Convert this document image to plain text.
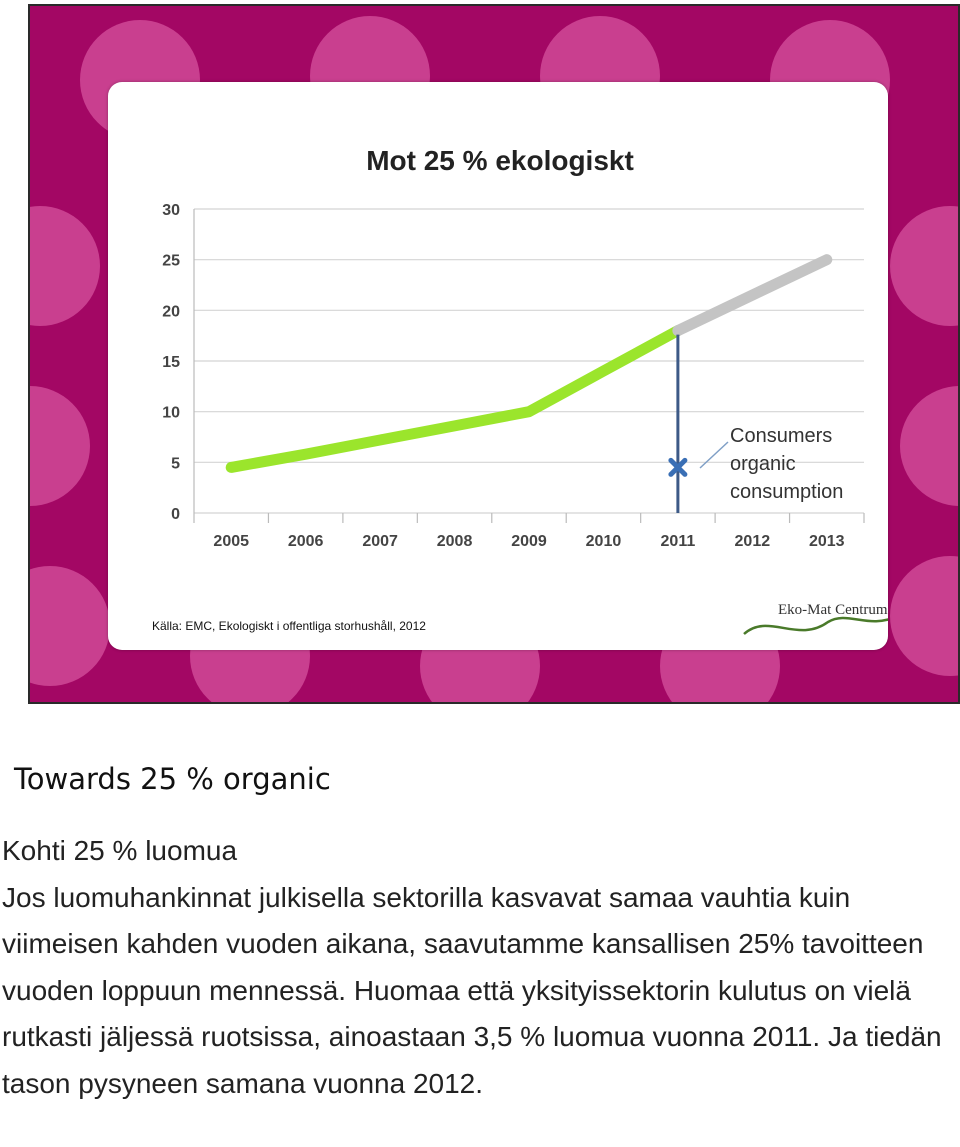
Mot 25 % ekologiskt
0
5
10
15
20
25
30
2005 2006 2007 2008 2009 2010 2011 2012 2013
Consumers organic consumption
Källa: EMC, Ekologiskt i offentliga storhushåll, 2012
Eko-Mat Centrum
Towards 25 % organic

Kohti 25 % luomua

Jos luomuhankinnat julkisella sektorilla kasvavat samaa vauhtia kuin viimeisen kahden vuoden aikana, saavutamme kansallisen 25% tavoitteen vuoden loppuun mennessä. Huomaa että yksityissektorin kulutus on vielä rutkasti jäljessä ruotsissa, ainoastaan 3,5 % luomua vuonna 2011. Ja tiedän tason pysyneen samana vuonna 2012.
